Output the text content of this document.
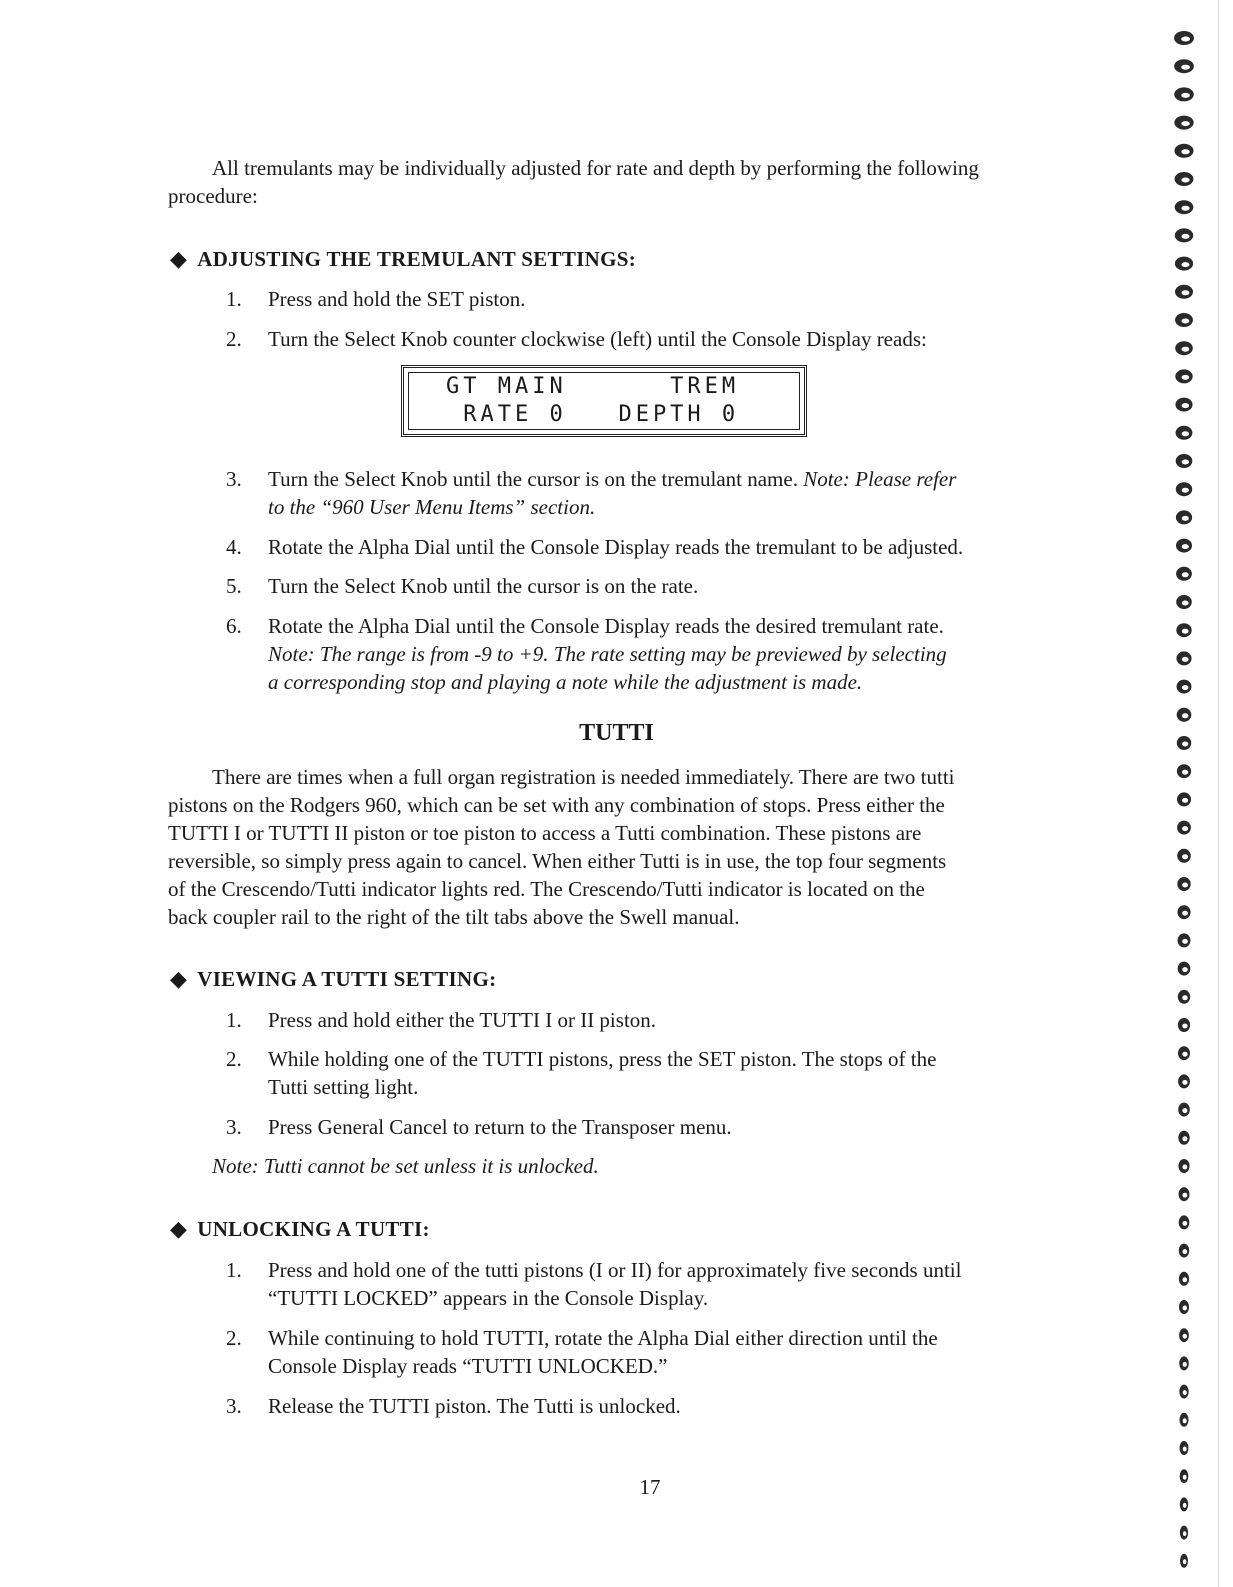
All tremulants may be individually adjusted for rate and depth by performing the following

procedure:

◆ ADJUSTING THE TREMULANT SETTINGS:
1.	Press and hold the SET piston.
2.	Turn the Select Knob counter clockwise (left) until the Console Display reads:
GT MAIN      TREM
RATE 0   DEPTH 0
3.	Turn the Select Knob until the cursor is on the tremulant name. Note: Please refer
to the “960 User Menu Items” section.
4.	Rotate the Alpha Dial until the Console Display reads the tremulant to be adjusted.
5.	Turn the Select Knob until the cursor is on the rate.
6.	Rotate the Alpha Dial until the Console Display reads the desired tremulant rate.
Note: The range is from -9 to +9. The rate setting may be previewed by selecting
a corresponding stop and playing a note while the adjustment is made.
TUTTI

There are times when a full organ registration is needed immediately. There are two tutti

pistons on the Rodgers 960, which can be set with any combination of stops. Press either the

TUTTI I or TUTTI II piston or toe piston to access a Tutti combination. These pistons are

reversible, so simply press again to cancel. When either Tutti is in use, the top four segments

of the Crescendo/Tutti indicator lights red. The Crescendo/Tutti indicator is located on the

back coupler rail to the right of the tilt tabs above the Swell manual.

◆ VIEWING A TUTTI SETTING:
1.	Press and hold either the TUTTI I or II piston.
2.	While holding one of the TUTTI pistons, press the SET piston. The stops of the
Tutti setting light.
3.	Press General Cancel to return to the Transposer menu.

Note: Tutti cannot be set unless it is unlocked.

◆ UNLOCKING A TUTTI:
1.	Press and hold one of the tutti pistons (I or II) for approximately five seconds until
“TUTTI LOCKED” appears in the Console Display.
2.	While continuing to hold TUTTI, rotate the Alpha Dial either direction until the
Console Display reads “TUTTI UNLOCKED.”
3.	Release the TUTTI piston. The Tutti is unlocked.
17
